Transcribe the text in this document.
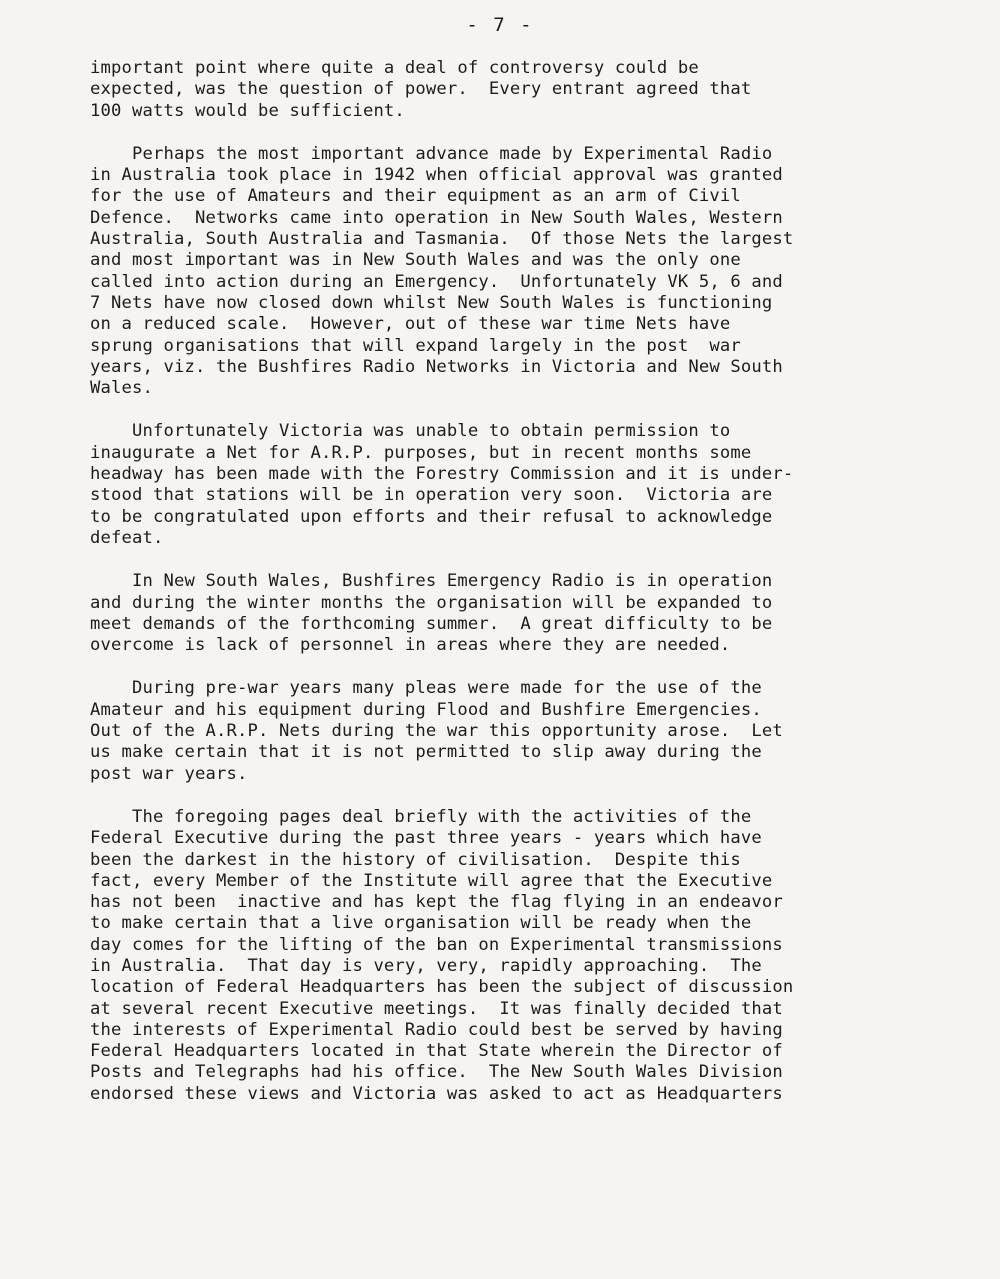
- 7 -
important point where quite a deal of controversy could be
expected, was the question of power.  Every entrant agreed that
100 watts would be sufficient.
Perhaps the most important advance made by Experimental Radio
in Australia took place in 1942 when official approval was granted
for the use of Amateurs and their equipment as an arm of Civil
Defence.  Networks came into operation in New South Wales, Western
Australia, South Australia and Tasmania.  Of those Nets the largest
and most important was in New South Wales and was the only one
called into action during an Emergency.  Unfortunately VK 5, 6 and
7 Nets have now closed down whilst New South Wales is functioning
on a reduced scale.  However, out of these war time Nets have
sprung organisations that will expand largely in the post  war
years, viz. the Bushfires Radio Networks in Victoria and New South
Wales.
Unfortunately Victoria was unable to obtain permission to
inaugurate a Net for A.R.P. purposes, but in recent months some
headway has been made with the Forestry Commission and it is under-
stood that stations will be in operation very soon.  Victoria are
to be congratulated upon efforts and their refusal to acknowledge
defeat.
In New South Wales, Bushfires Emergency Radio is in operation
and during the winter months the organisation will be expanded to
meet demands of the forthcoming summer.  A great difficulty to be
overcome is lack of personnel in areas where they are needed.
During pre-war years many pleas were made for the use of the
Amateur and his equipment during Flood and Bushfire Emergencies.
Out of the A.R.P. Nets during the war this opportunity arose.  Let
us make certain that it is not permitted to slip away during the
post war years.
The foregoing pages deal briefly with the activities of the
Federal Executive during the past three years - years which have
been the darkest in the history of civilisation.  Despite this
fact, every Member of the Institute will agree that the Executive
has not been  inactive and has kept the flag flying in an endeavor
to make certain that a live organisation will be ready when the
day comes for the lifting of the ban on Experimental transmissions
in Australia.  That day is very, very, rapidly approaching.  The
location of Federal Headquarters has been the subject of discussion
at several recent Executive meetings.  It was finally decided that
the interests of Experimental Radio could best be served by having
Federal Headquarters located in that State wherein the Director of
Posts and Telegraphs had his office.  The New South Wales Division
endorsed these views and Victoria was asked to act as Headquarters
